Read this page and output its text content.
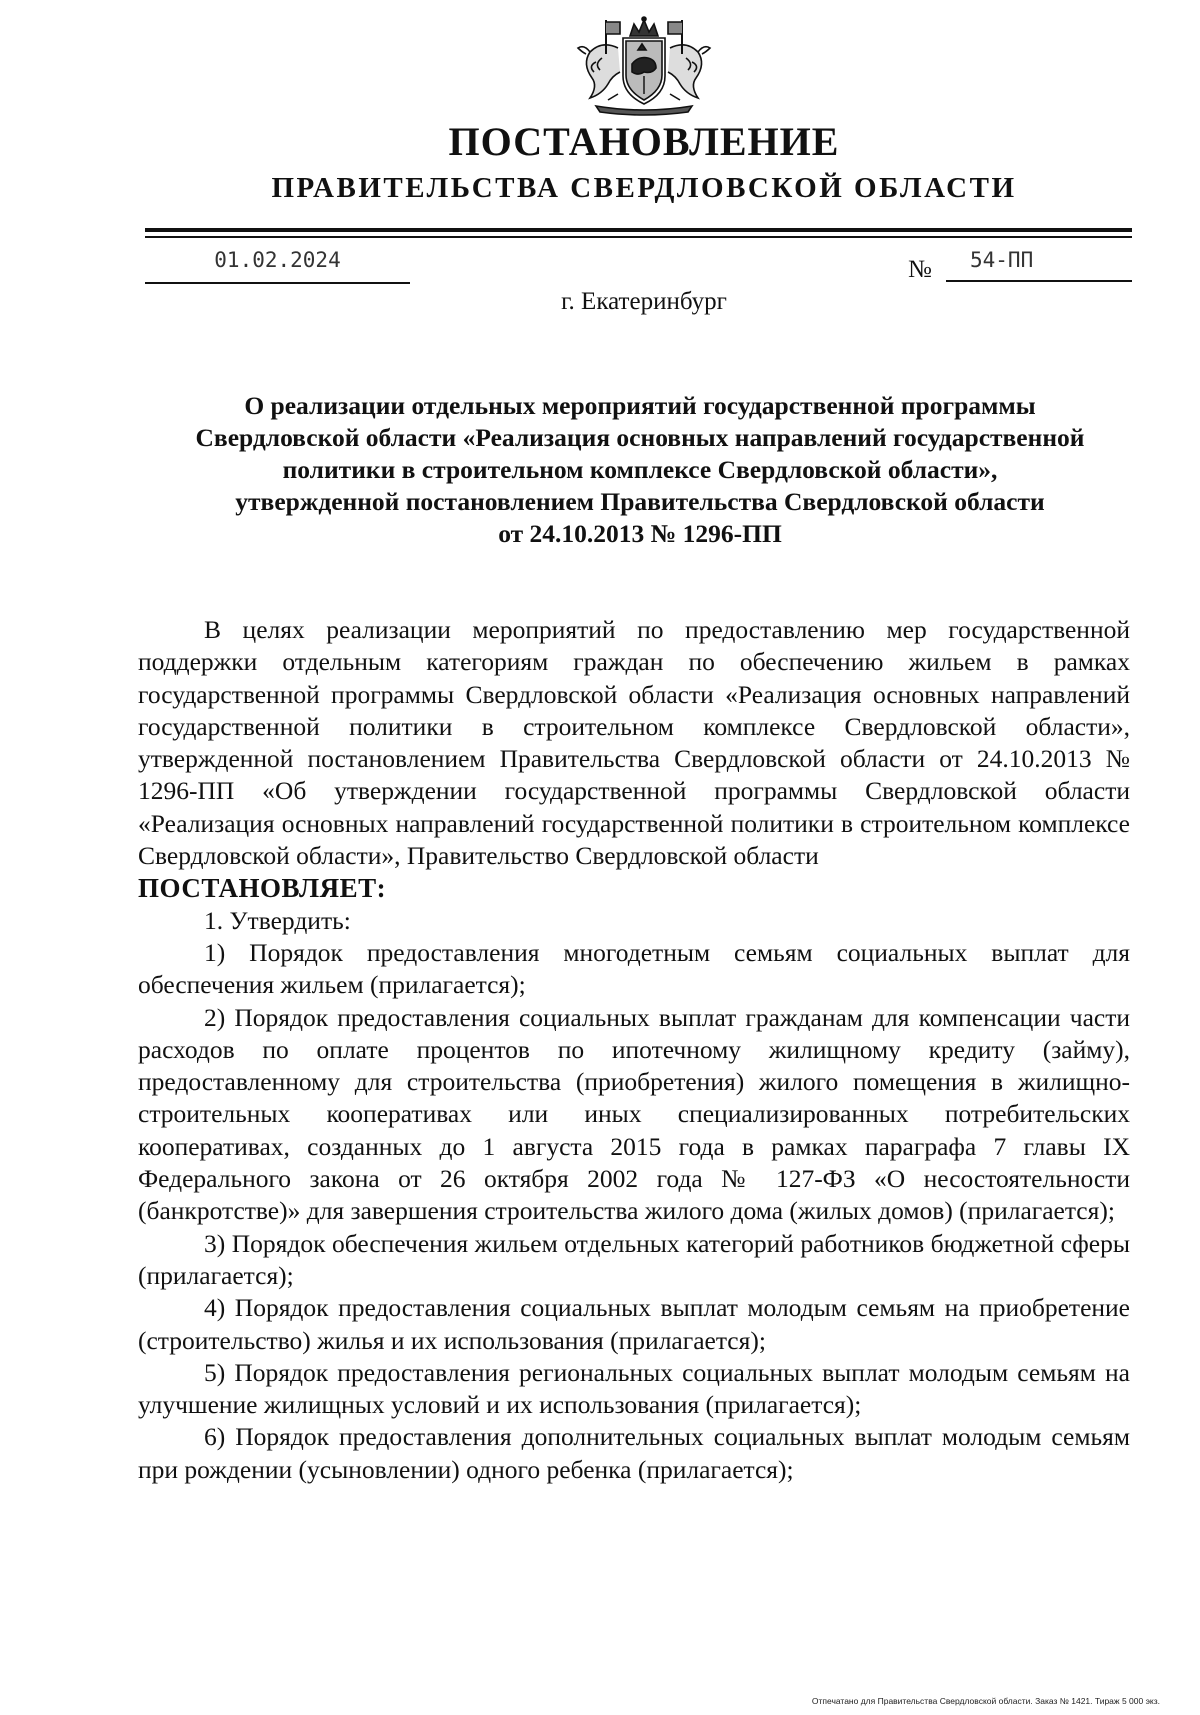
ПОСТАНОВЛЕНИЕ
ПРАВИТЕЛЬСТВА СВЕРДЛОВСКОЙ ОБЛАСТИ
01.02.2024	№	54-ПП
г. Екатеринбург
О реализации отдельных мероприятий государственной программы
Свердловской области «Реализация основных направлений государственной
политики в строительном комплексе Свердловской области»,
утвержденной постановлением Правительства Свердловской области
от 24.10.2013 № 1296-ПП

В целях реализации мероприятий по предоставлению мер государственной поддержки отдельным категориям граждан по обеспечению жильем в рамках государственной программы Свердловской области «Реализация основных направлений государственной политики в строительном комплексе Свердловской области», утвержденной постановлением Правительства Свердловской области от 24.10.2013 № 1296-ПП «Об утверждении государственной программы Свердловской области «Реализация основных направлений государственной политики в строительном комплексе Свердловской области», Правительство Свердловской области

ПОСТАНОВЛЯЕТ:

1. Утвердить:

1) Порядок предоставления многодетным семьям социальных выплат для обеспечения жильем (прилагается);

2) Порядок предоставления социальных выплат гражданам для компенсации части расходов по оплате процентов по ипотечному жилищному кредиту (займу), предоставленному для строительства (приобретения) жилого помещения в жилищно-строительных кооперативах или иных специализированных потребительских кооперативах, созданных до 1 августа 2015 года в рамках параграфа 7 главы IX Федерального закона от 26 октября 2002 года № 127-ФЗ «О несостоятельности (банкротстве)» для завершения строительства жилого дома (жилых домов) (прилагается);

3) Порядок обеспечения жильем отдельных категорий работников бюджетной сферы (прилагается);

4) Порядок предоставления социальных выплат молодым семьям на приобретение (строительство) жилья и их использования (прилагается);

5) Порядок предоставления региональных социальных выплат молодым семьям на улучшение жилищных условий и их использования (прилагается);

6) Порядок предоставления дополнительных социальных выплат молодым семьям при рождении (усыновлении) одного ребенка (прилагается);

Отпечатано для Правительства Свердловской области. Заказ № 1421. Тираж 5 000 экз.
